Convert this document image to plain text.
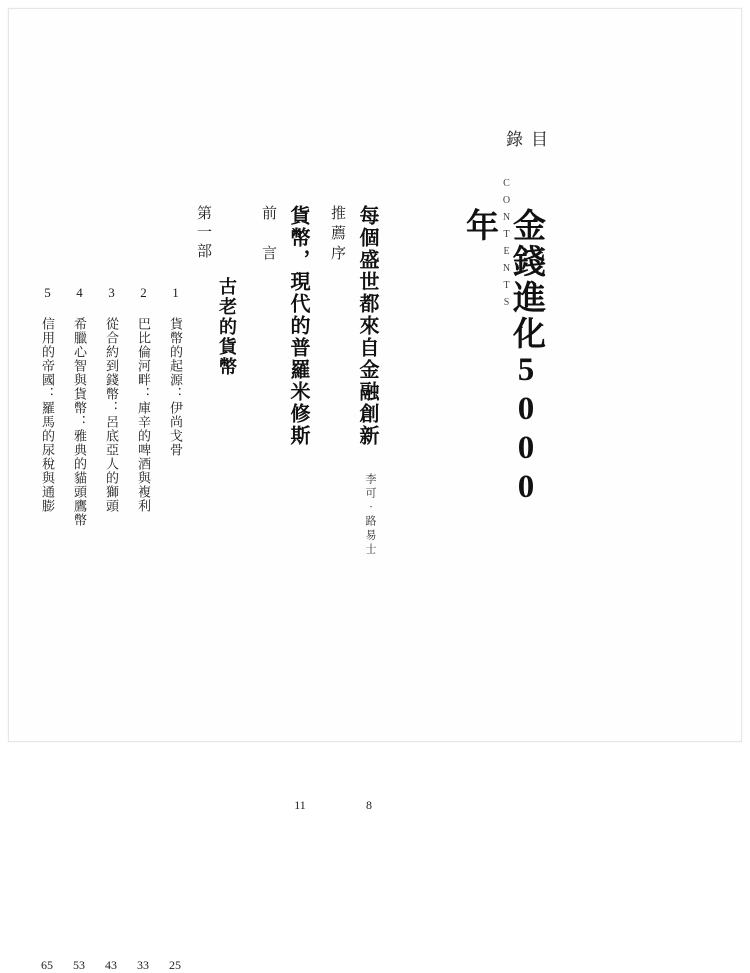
目錄
CONTENTS
金錢進化5000年
每個盛世都來自金融創新
推薦序
李可‧路易士
8
貨幣，現代的普羅米修斯
前　言
11
古老的貨幣
第一部
1 貨幣的起源：伊尚戈骨
25
2 巴比倫河畔：庫辛的啤酒與複利
33
3 從合約到錢幣：呂底亞人的獅頭
43
4 希臘心智與貨幣：雅典的貓頭鷹幣
53
5 信用的帝國：羅馬的尿稅與通膨
65
